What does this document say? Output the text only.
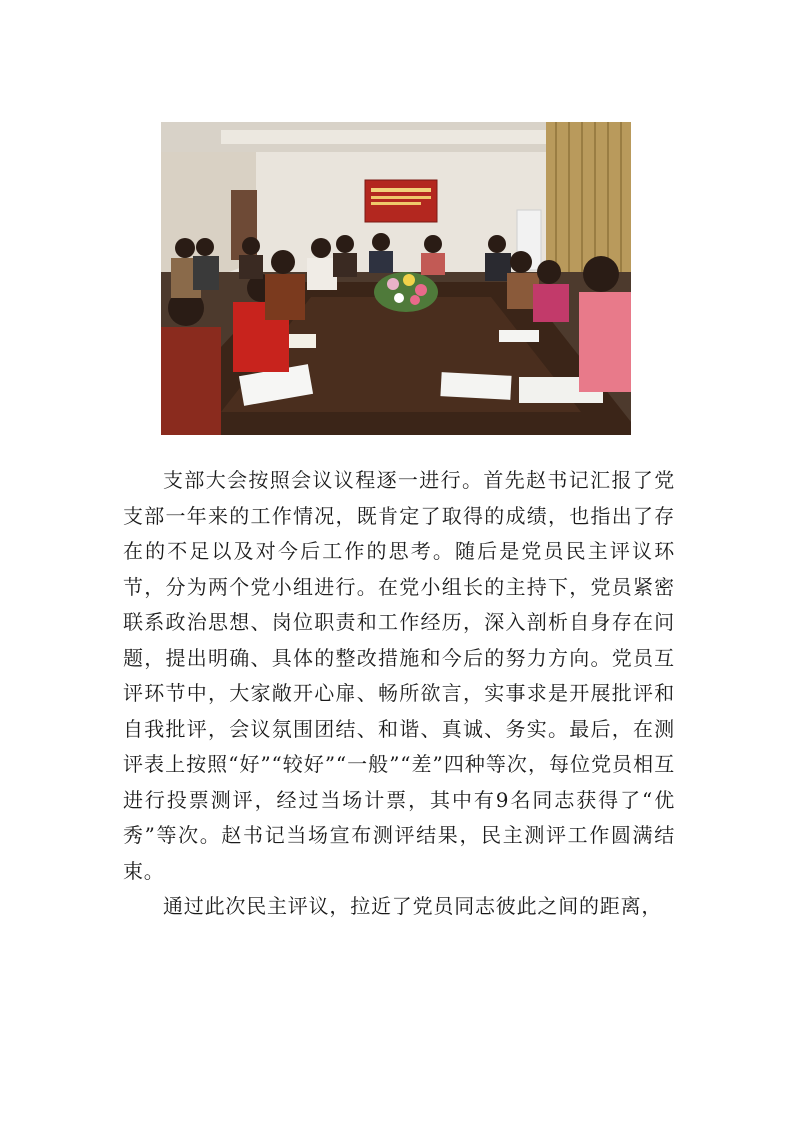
支部大会按照会议议程逐一进行。首先赵书记汇报了党支部一年来的工作情况，既肯定了取得的成绩，也指出了存在的不足以及对今后工作的思考。随后是党员民主评议环节，分为两个党小组进行。在党小组长的主持下，党员紧密联系政治思想、岗位职责和工作经历，深入剖析自身存在问题，提出明确、具体的整改措施和今后的努力方向。党员互评环节中，大家敞开心扉、畅所欲言，实事求是开展批评和自我批评，会议氛围团结、和谐、真诚、务实。最后，在测评表上按照“好”“较好”“一般”“差”四种等次，每位党员相互进行投票测评，经过当场计票，其中有9名同志获得了“优秀”等次。赵书记当场宣布测评结果，民主测评工作圆满结束。

通过此次民主评议，拉近了党员同志彼此之间的距离，
